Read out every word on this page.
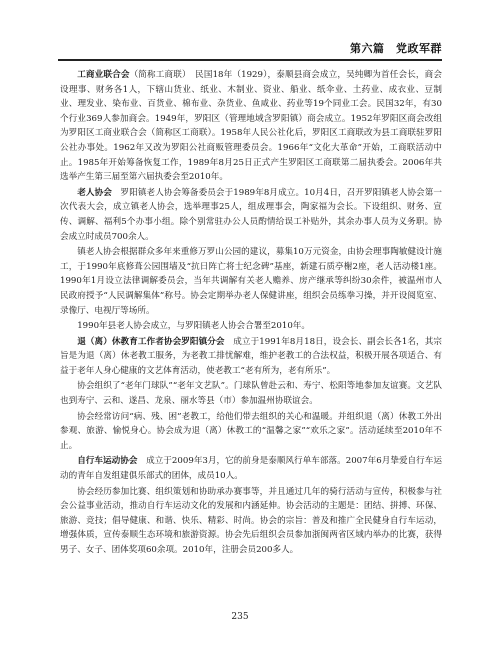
第六篇　党政军群

工商业联合会（简称工商联）　民国18年（1929），泰顺县商会成立，吴纯卿为首任会长，商会设理事、财务各1人，下辖山货业、纸业、木制业、资业、船业、纸伞业、土药业、成衣业、豆制业、理发业、染布业、百货业、棉布业、杂货业、鱼咸业、药业等19个同业工会。民国32年，有30个行业369人参加商会。1949年，罗阳区（管理地域含罗阳镇）商会成立。1952年罗阳区商会改组为罗阳区工商业联合会（简称区工商联）。1958年人民公社化后，罗阳区工商联改为县工商联驻罗阳公社办事处。1962年又改为罗阳公社商贩管理委员会。1966年“文化大革命”开始，工商联活动中止。1985年开始筹备恢复工作，1989年8月25日正式产生罗阳区工商联第二届执委会。2006年共选举产生第三届至第六届执委会至2010年。

老人协会　罗阳镇老人协会筹备委员会于1989年8月成立。10月4日，召开罗阳镇老人协会第一次代表大会，成立镇老人协会，选举理事25人，组成理事会，陶家福为会长。下设组织、财务、宣传、调解、福利5个办事小组。除个别常驻办公人员酌情给误工补贴外，其余办事人员为义务职。协会成立时成员700余人。

镇老人协会根据群众多年来重修万罗山公园的建议，募集10万元资金，由协会理事陶敏健设计施工，于1990年底修葺公园围墙及“抗日阵亡将士纪念碑”基座，新建石质亭榭2座，老人活动楼1座。1990年1月设立法律调解委员会，当年共调解有关老人赡养、房产继承等纠纷30余件，被温州市人民政府授予“人民调解集体”称号。协会定期举办老人保健讲座，组织会员练拳习操，并开设阅览室、录像厅、电视厅等场所。

1990年县老人协会成立，与罗阳镇老人协会合署至2010年。

退（离）休教育工作者协会罗阳镇分会　成立于1991年8月18日，设会长、副会长各1名，其宗旨是为退（离）休老教工服务，为老教工排忧解难，维护老教工的合法权益，积极开展各项适合、有益于老年人身心健康的文艺体育活动，使老教工“老有所为，老有所乐”。

协会组织了“老年门球队”“老年文艺队”。门球队曾赴云和、寿宁、松阳等地参加友谊赛。文艺队也到寿宁、云和、遂昌、龙泉、丽水等县（市）参加温州协联谊会。

协会经常访问“病、残、困”老教工，给他们带去组织的关心和温暖。并组织退（离）休教工外出参观、旅游、愉悦身心。协会成为退（离）休教工的“温馨之家”“欢乐之家”。活动延续至2010年不止。

自行车运动协会　成立于2009年3月，它的前身是泰顺风行单车部落。2007年6月挚爱自行车运动的青年自发组建俱乐部式的团体，成员10人。

协会经历参加比赛、组织策划和协助承办赛事等，并且通过几年的骑行活动与宣传，积极参与社会公益事业活动，推动自行车运动文化的发展和内涵延伸。协会活动的主题是：团结、拼搏、环保、旅游、竞技；倡导健康、和谐、快乐、精彩、时尚。协会的宗旨：普及和推广全民健身自行车运动，增强体质，宣传泰顺生态环境和旅游资源。协会先后组织会员参加浙闽两省区域内举办的比赛，获得男子、女子、团体奖项60余项。2010年，注册会员200多人。

235
